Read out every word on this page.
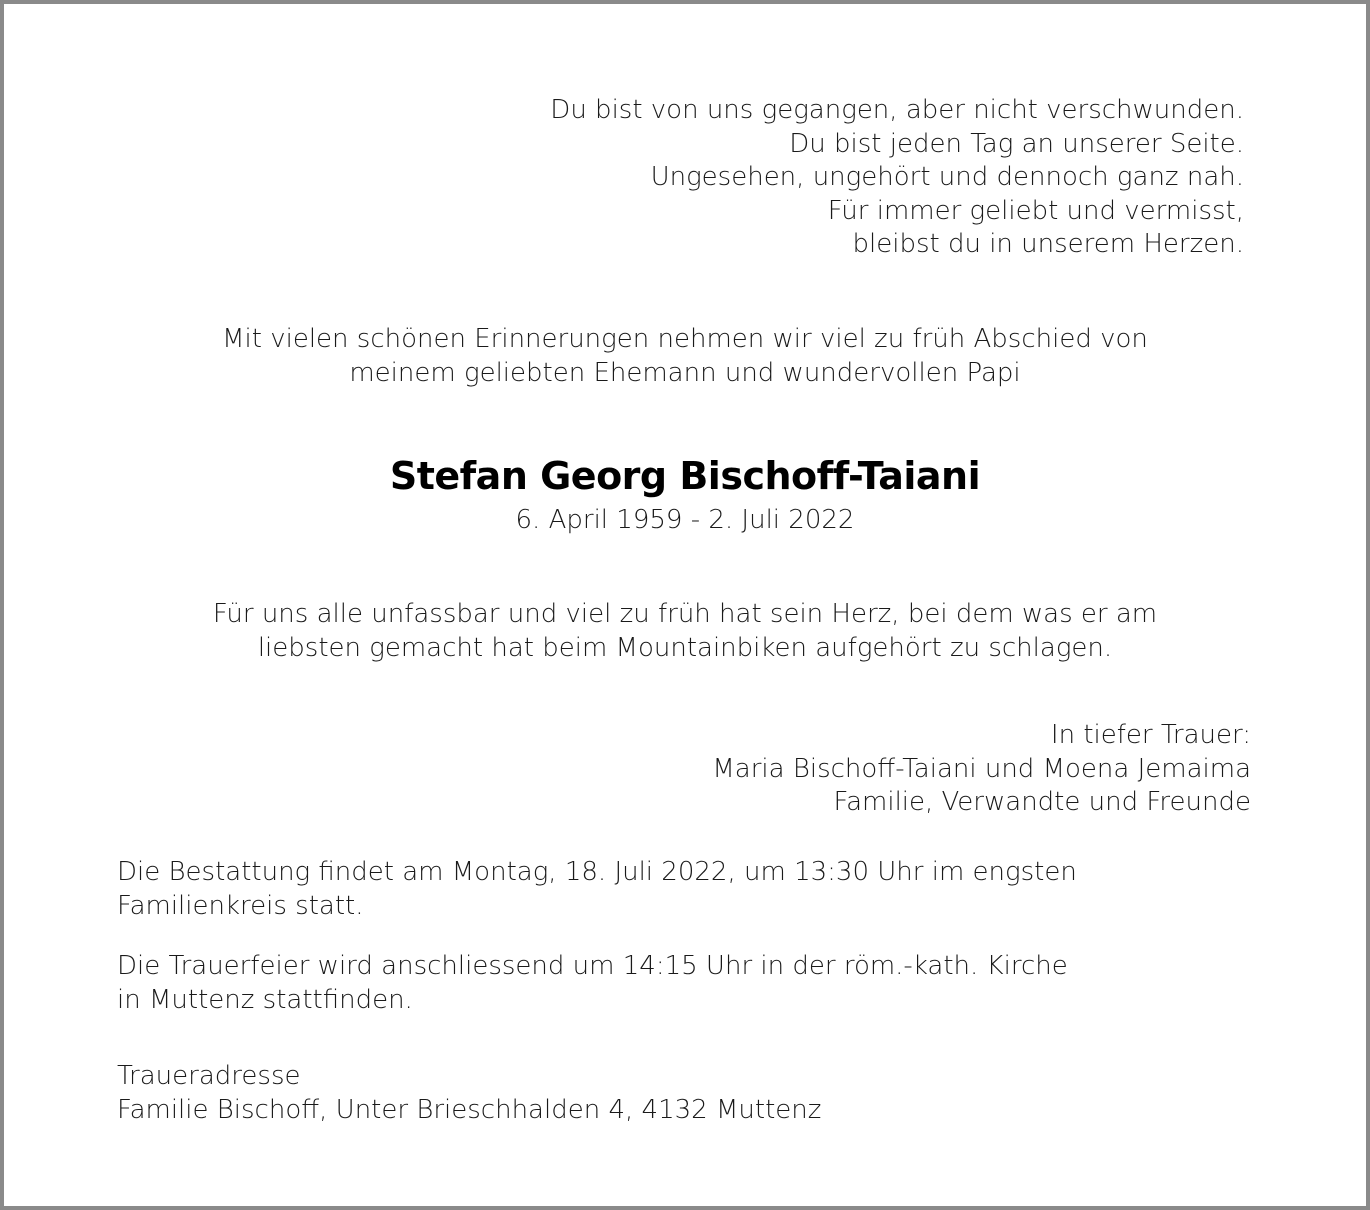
Du bist von uns gegangen, aber nicht verschwunden.
Du bist jeden Tag an unserer Seite.
Ungesehen, ungehört und dennoch ganz nah.
Für immer geliebt und vermisst,
bleibst du in unserem Herzen.
Mit vielen schönen Erinnerungen nehmen wir viel zu früh Abschied von
meinem geliebten Ehemann und wundervollen Papi
Stefan Georg Bischoff-Taiani
6. April 1959 - 2. Juli 2022
Für uns alle unfassbar und viel zu früh hat sein Herz, bei dem was er am
liebsten gemacht hat beim Mountainbiken aufgehört zu schlagen.
In tiefer Trauer:
Maria Bischoff-Taiani und Moena Jemaima
Familie, Verwandte und Freunde
Die Bestattung findet am Montag, 18. Juli 2022, um 13:30 Uhr im engsten
Familienkreis statt.
Die Trauerfeier wird anschliessend um 14:15 Uhr in der röm.-kath. Kirche
in Muttenz stattfinden.
Traueradresse
Familie Bischoff, Unter Brieschhalden 4, 4132 Muttenz
